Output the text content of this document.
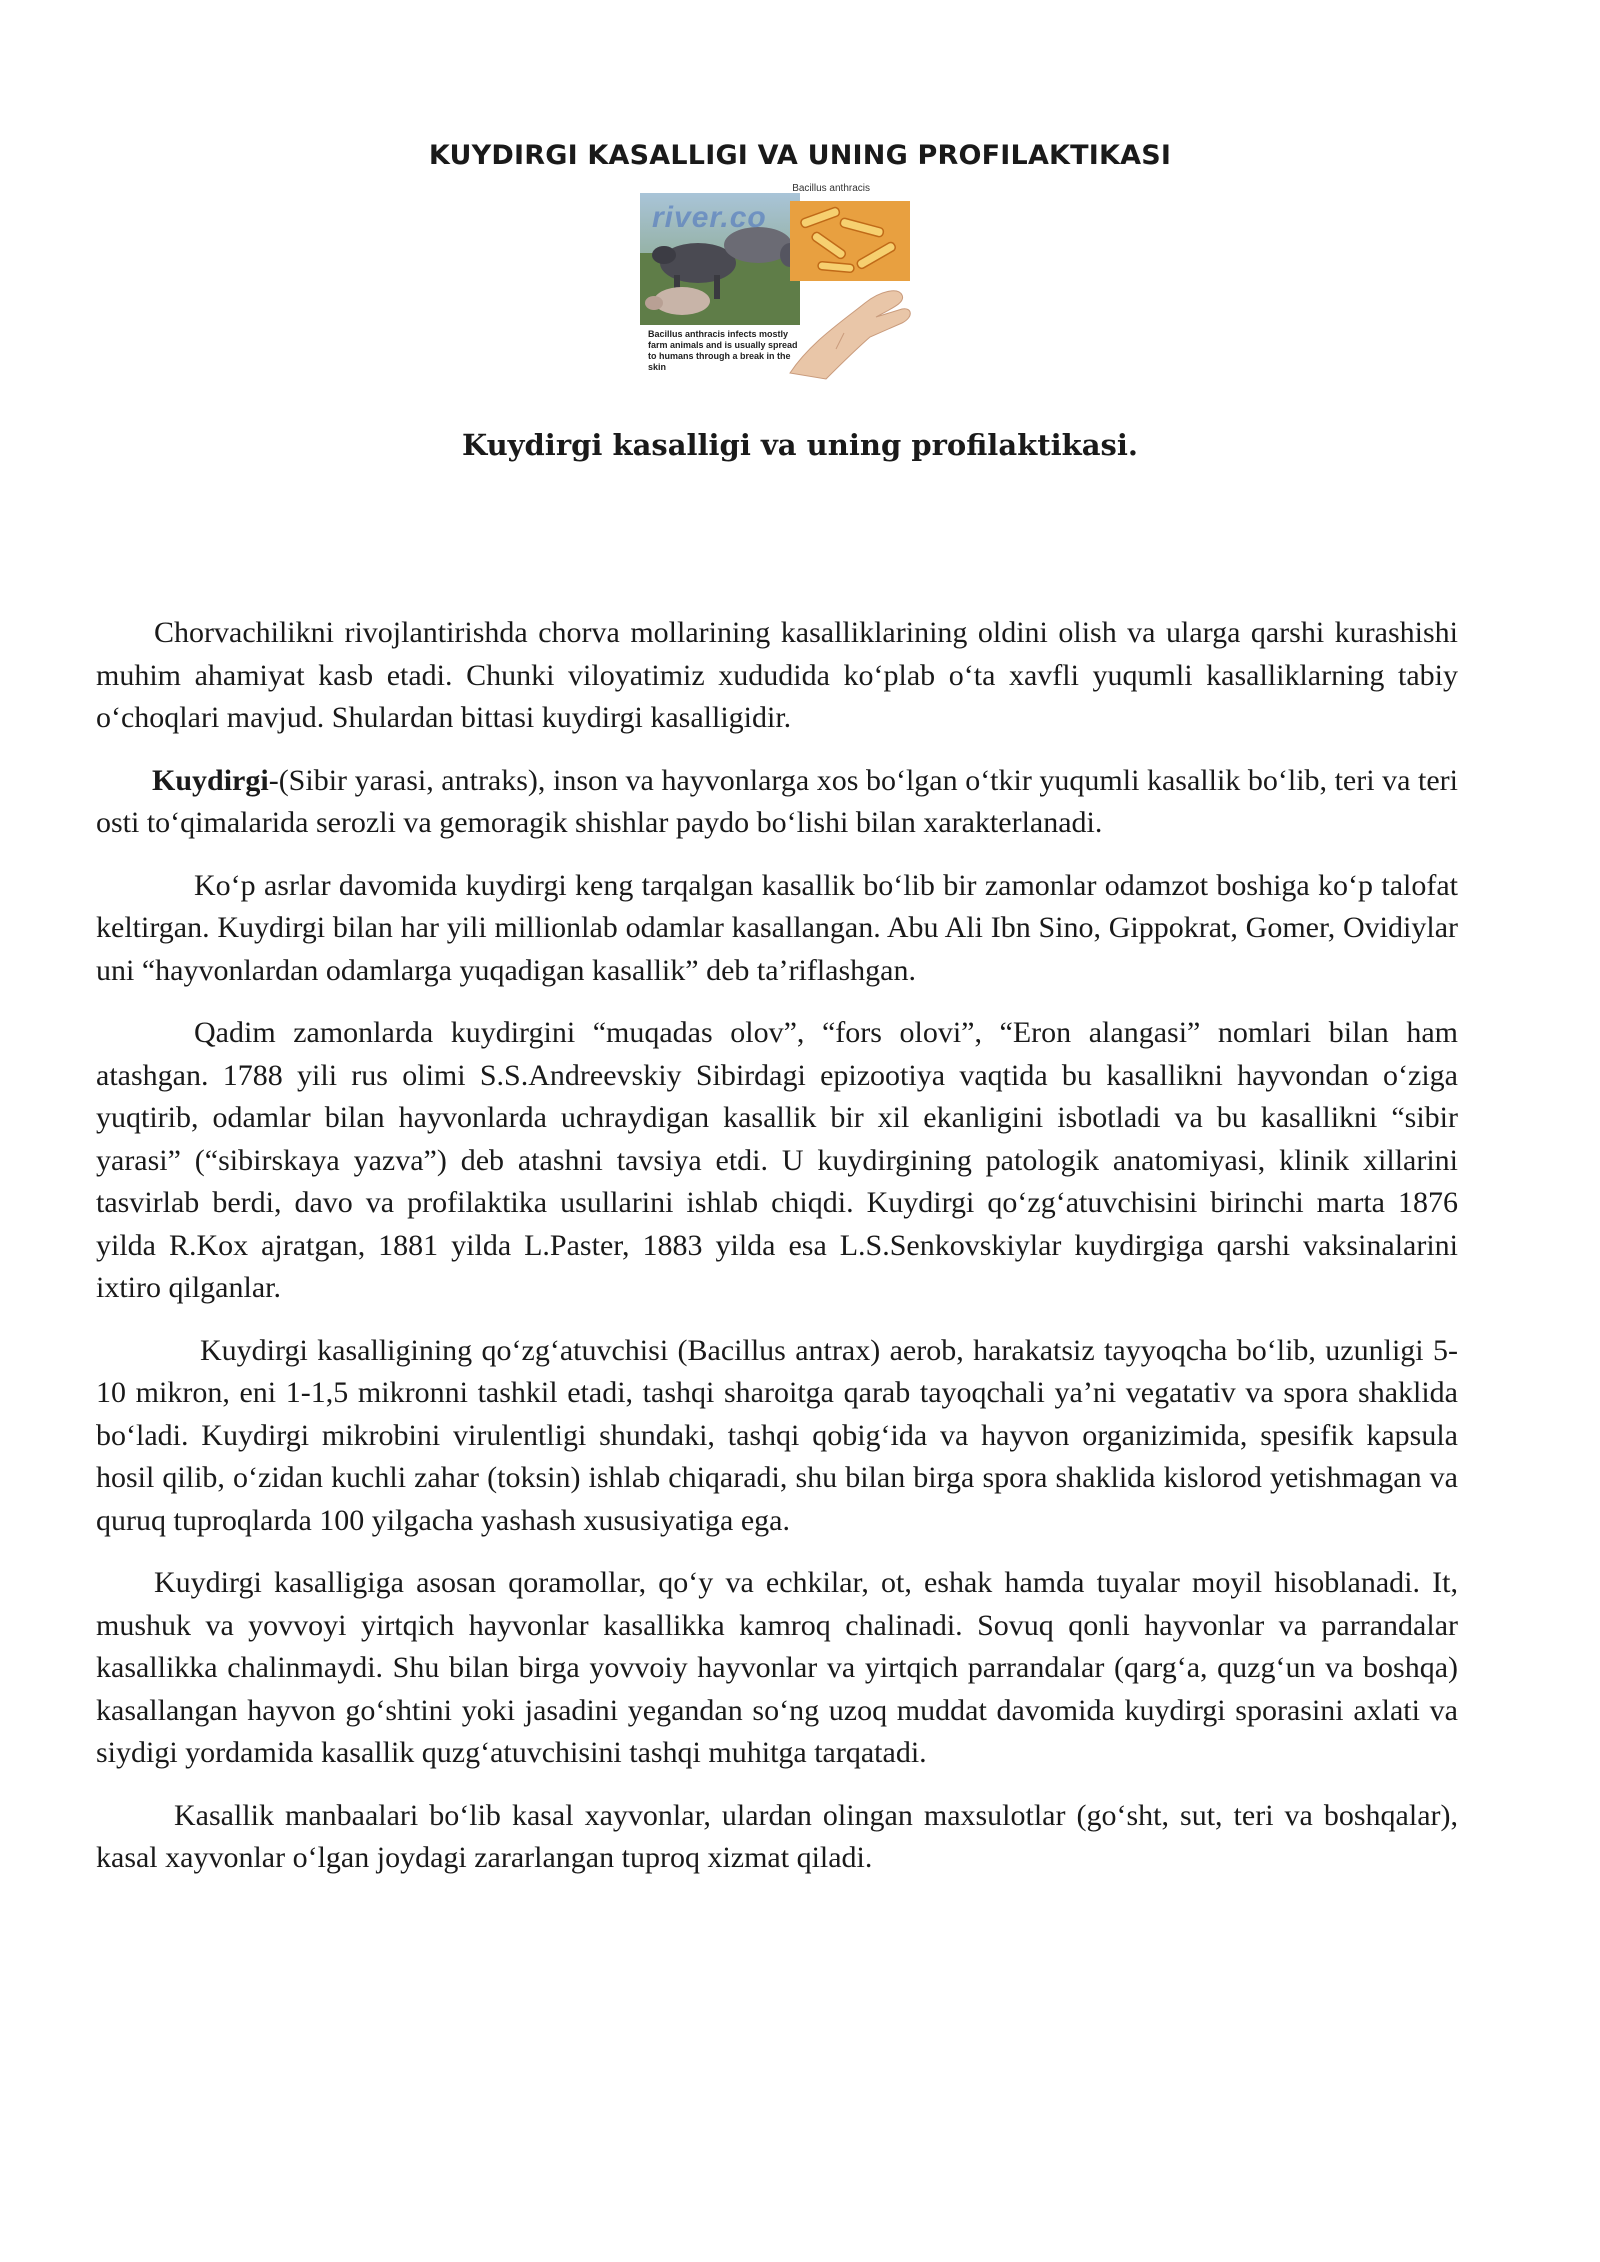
KUYDIRGI KASALLIGI VA UNING PROFILAKTIKASI
river.co
Bacillus anthracis
Bacillus anthracis infects mostly farm animals and is usually spread to humans through a break in the skin
Kuydirgi kasalligi va uning profilaktikasi.

Chorvachilikni rivojlantirishda chorva mollarining kasalliklarining oldini olish va ularga qarshi kurashishi muhim ahamiyat kasb etadi. Chunki viloyatimiz xududida ko‘plab o‘ta xavfli yuqumli kasalliklarning tabiy o‘choqlari mavjud. Shulardan bittasi kuydirgi kasalligidir.

Kuydirgi-(Sibir yarasi, antraks), inson va hayvonlarga xos bo‘lgan o‘tkir yuqumli kasallik bo‘lib, teri va teri osti to‘qimalarida serozli va gemoragik shishlar paydo bo‘lishi bilan xarakterlanadi.

Ko‘p asrlar davomida kuydirgi keng tarqalgan kasallik bo‘lib bir zamonlar odamzot boshiga ko‘p talofat keltirgan. Kuydirgi bilan har yili millionlab odamlar kasallangan. Abu Ali Ibn Sino, Gippokrat, Gomer, Ovidiylar uni “hayvonlardan odamlarga yuqadigan kasallik” deb ta’riflashgan.

Qadim zamonlarda kuydirgini “muqadas olov”, “fors olovi”, “Eron alangasi” nomlari bilan ham atashgan. 1788 yili rus olimi S.S.Andreevskiy Sibirdagi epizootiya vaqtida bu kasallikni hayvondan o‘ziga yuqtirib, odamlar bilan hayvonlarda uchraydigan kasallik bir xil ekanligini isbotladi va bu kasallikni “sibir yarasi” (“sibirskaya yazva”) deb atashni tavsiya etdi. U kuydirgining patologik anatomiyasi, klinik xillarini tasvirlab berdi, davo va profilaktika usullarini ishlab chiqdi. Kuydirgi qo‘zg‘atuvchisini birinchi marta 1876 yilda R.Kox ajratgan, 1881 yilda L.Paster, 1883 yilda esa L.S.Senkovskiylar kuydirgiga qarshi vaksinalarini ixtiro qilganlar.

Kuydirgi kasalligining qo‘zg‘atuvchisi (Bacillus antrax) aerob, harakatsiz tayyoqcha bo‘lib, uzunligi 5-10 mikron, eni 1-1,5 mikronni tashkil etadi, tashqi sharoitga qarab tayoqchali ya’ni vegatativ va spora shaklida bo‘ladi. Kuydirgi mikrobini virulentligi shundaki, tashqi qobig‘ida va hayvon organizimida, spesifik kapsula hosil qilib, o‘zidan kuchli zahar (toksin) ishlab chiqaradi, shu bilan birga spora shaklida kislorod yetishmagan va quruq tuproqlarda 100 yilgacha yashash xususiyatiga ega.

Kuydirgi kasalligiga asosan qoramollar, qo‘y va echkilar, ot, eshak hamda tuyalar moyil hisoblanadi. It, mushuk va yovvoyi yirtqich hayvonlar kasallikka kamroq chalinadi. Sovuq qonli hayvonlar va parrandalar kasallikka chalinmaydi. Shu bilan birga yovvoiy hayvonlar va yirtqich parrandalar (qarg‘a, quzg‘un va boshqa) kasallangan hayvon go‘shtini yoki jasadini yegandan so‘ng uzoq muddat davomida kuydirgi sporasini axlati va siydigi yordamida kasallik quzg‘atuvchisini tashqi muhitga tarqatadi.

Kasallik manbaalari bo‘lib kasal xayvonlar, ulardan olingan maxsulotlar (go‘sht, sut, teri va boshqalar), kasal xayvonlar o‘lgan joydagi zararlangan tuproq xizmat qiladi.
